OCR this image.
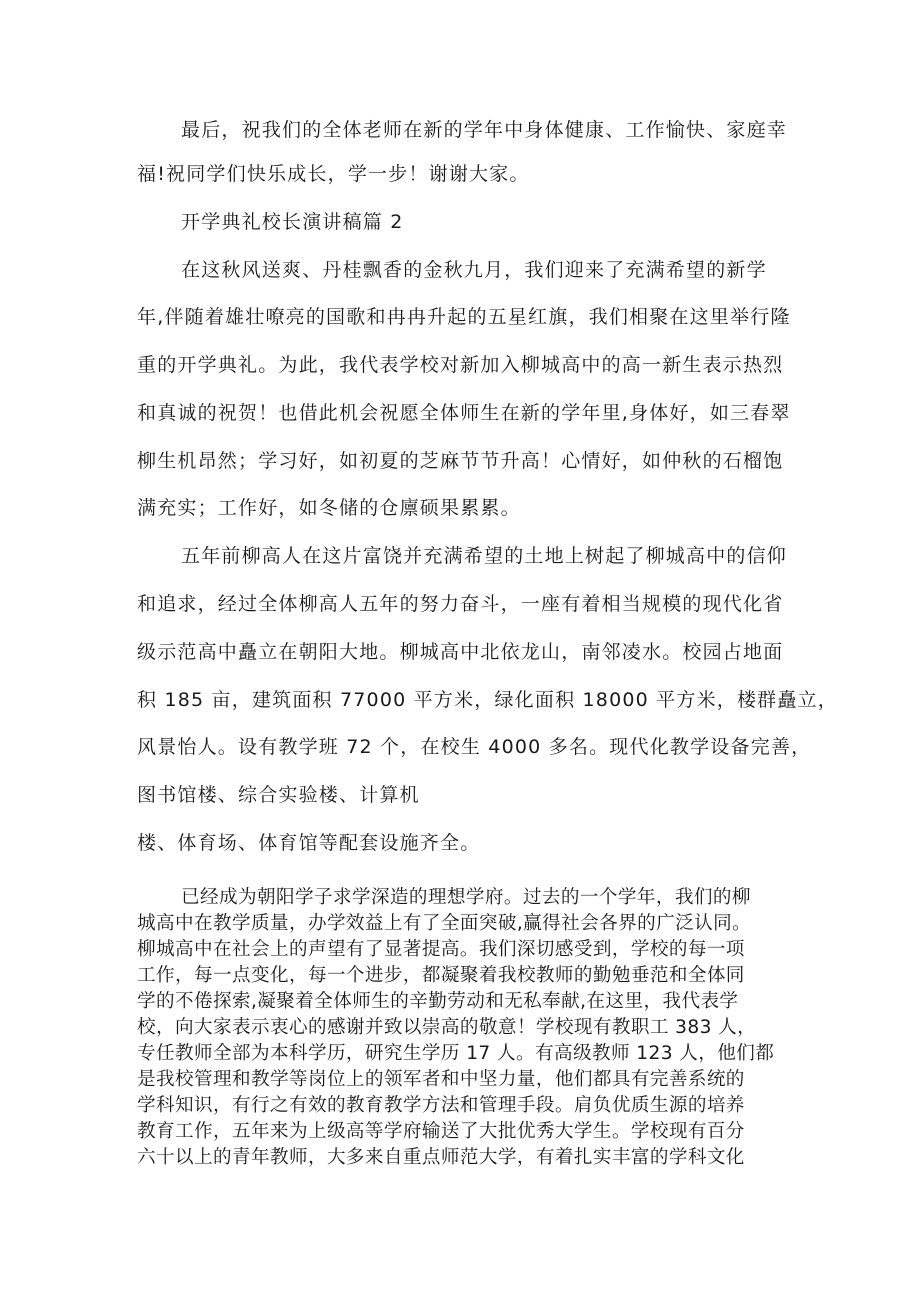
最后，祝我们的全体老师在新的学年中身体健康、工作愉快、家庭幸
福!祝同学们快乐成长，学一步！谢谢大家。
开学典礼校长演讲稿篇 2
在这秋风送爽、丹桂飘香的金秋九月，我们迎来了充满希望的新学
年,伴随着雄壮嘹亮的国歌和冉冉升起的五星红旗，我们相聚在这里举行隆
重的开学典礼。为此，我代表学校对新加入柳城高中的高一新生表示热烈
和真诚的祝贺！也借此机会祝愿全体师生在新的学年里,身体好，如三春翠
柳生机昂然；学习好，如初夏的芝麻节节升高！心情好，如仲秋的石榴饱
满充实；工作好，如冬储的仓廪硕果累累。
五年前柳高人在这片富饶并充满希望的土地上树起了柳城高中的信仰
和追求，经过全体柳高人五年的努力奋斗，一座有着相当规模的现代化省
级示范高中矗立在朝阳大地。柳城高中北依龙山，南邻凌水。校园占地面
积 185 亩，建筑面积 77000 平方米，绿化面积 18000 平方米，楼群矗立，
风景怡人。设有教学班 72 个，在校生 4000 多名。现代化教学设备完善，
图书馆楼、综合实验楼、计算机
楼、体育场、体育馆等配套设施齐全。
已经成为朝阳学子求学深造的理想学府。过去的一个学年，我们的柳
城高中在教学质量，办学效益上有了全面突破,赢得社会各界的广泛认同。
柳城高中在社会上的声望有了显著提高。我们深切感受到，学校的每一项
工作，每一点变化，每一个进步，都凝聚着我校教师的勤勉垂范和全体同
学的不倦探索,凝聚着全体师生的辛勤劳动和无私奉献,在这里，我代表学
校，向大家表示衷心的感谢并致以崇高的敬意！学校现有教职工 383 人，
专任教师全部为本科学历，研究生学历 17 人。有高级教师 123 人，他们都
是我校管理和教学等岗位上的领军者和中坚力量，他们都具有完善系统的
学科知识，有行之有效的教育教学方法和管理手段。肩负优质生源的培养
教育工作，五年来为上级高等学府输送了大批优秀大学生。学校现有百分
六十以上的青年教师，大多来自重点师范大学，有着扎实丰富的学科文化
